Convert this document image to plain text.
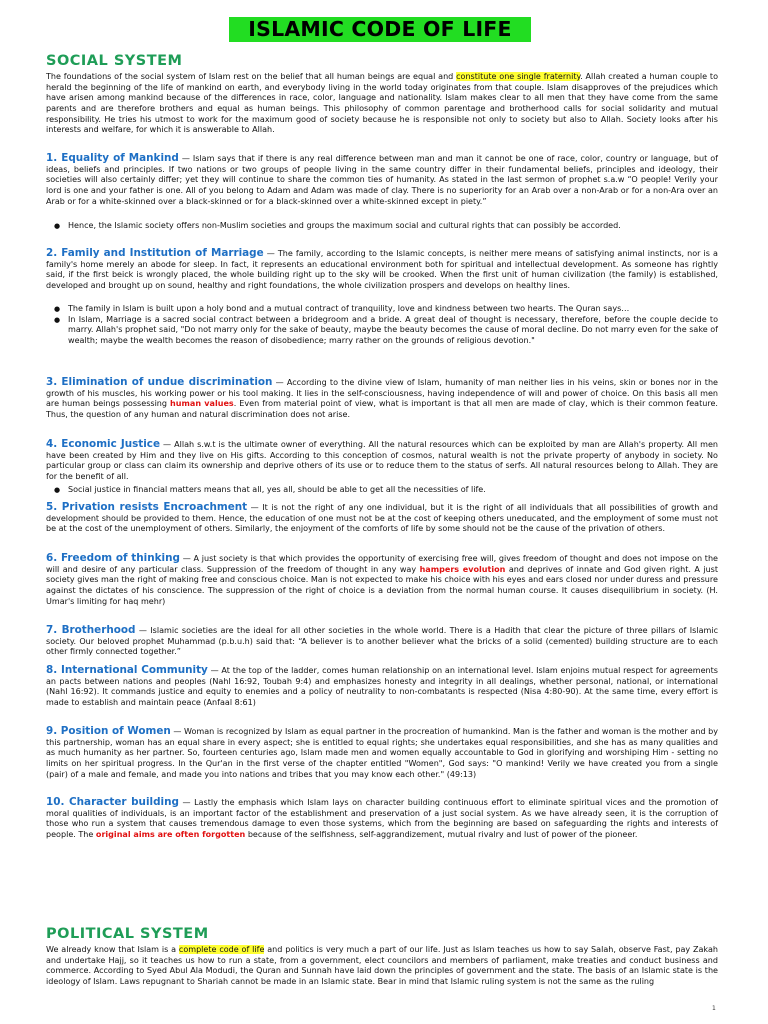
ISLAMIC CODE OF LIFE
SOCIAL SYSTEM

The foundations of the social system of Islam rest on the belief that all human beings are equal and constitute one single fraternity. Allah created a human couple to herald the beginning of the life of mankind on earth, and everybody living in the world today originates from that couple. Islam disapproves of the prejudices which have arisen among mankind because of the differences in race, color, language and nationality. Islam makes clear to all men that they have come from the same parents and are therefore brothers and equal as human beings. This philosophy of common parentage and brotherhood calls for social solidarity and mutual responsibility. He tries his utmost to work for the maximum good of society because he is responsible not only to society but also to Allah. Society looks after his interests and welfare, for which it is answerable to Allah.

1. Equality of Mankind — Islam says that if there is any real difference between man and man it cannot be one of race, color, country or language, but of ideas, beliefs and principles. If two nations or two groups of people living in the same country differ in their fundamental beliefs, principles and ideology, their societies will also certainly differ; yet they will continue to share the common ties of humanity. As stated in the last sermon of prophet s.a.w “O people! Verily your lord is one and your father is one. All of you belong to Adam and Adam was made of clay. There is no superiority for an Arab over a non-Arab or for a non-Ara over an Arab or for a white-skinned over a black-skinned or for a black-skinned over a white-skinned except in piety.”

● Hence, the Islamic society offers non-Muslim societies and groups the maximum social and cultural rights that can possibly be accorded.

2. Family and Institution of Marriage — The family, according to the Islamic concepts, is neither mere means of satisfying animal instincts, nor is a family's home merely an abode for sleep. In fact, it represents an educational environment both for spiritual and intellectual development. As someone has rightly said, if the first beick is wrongly placed, the whole building right up to the sky will be crooked. When the first unit of human civilization (the family) is established, developed and brought up on sound, healthy and right foundations, the whole civilization prospers and develops on healthy lines.

● The family in Islam is built upon a holy bond and a mutual contract of tranquility, love and kindness between two hearts. The Quran says…
● In Islam, Marriage is a sacred social contract between a bridegroom and a bride. A great deal of thought is necessary, therefore, before the couple decide to marry. Allah's prophet said, "Do not marry only for the sake of beauty, maybe the beauty becomes the cause of moral decline. Do not marry even for the sake of wealth; maybe the wealth becomes the reason of disobedience; marry rather on the grounds of religious devotion."

3. Elimination of undue discrimination — According to the divine view of Islam, humanity of man neither lies in his veins, skin or bones nor in the growth of his muscles, his working power or his tool making. It lies in the self-consciousness, having independence of will and power of choice. On this basis all men are human beings possessing human values. Even from material point of view, what is important is that all men are made of clay, which is their common feature. Thus, the question of any human and natural discrimination does not arise.

4. Economic Justice — Allah s.w.t is the ultimate owner of everything. All the natural resources which can be exploited by man are Allah's property. All men have been created by Him and they live on His gifts. According to this conception of cosmos, natural wealth is not the private property of anybody in society. No particular group or class can claim its ownership and deprive others of its use or to reduce them to the status of serfs. All natural resources belong to Allah. They are for the benefit of all.

● Social justice in financial matters means that all, yes all, should be able to get all the necessities of life.

5. Privation resists Encroachment — It is not the right of any one individual, but it is the right of all individuals that all possibilities of growth and development should be provided to them. Hence, the education of one must not be at the cost of keeping others uneducated, and the employment of some must not be at the cost of the unemployment of others. Similarly, the enjoyment of the comforts of life by some should not be the cause of the privation of others.

6. Freedom of thinking — A just society is that which provides the opportunity of exercising free will, gives freedom of thought and does not impose on the will and desire of any particular class. Suppression of the freedom of thought in any way hampers evolution and deprives of innate and God given right. A just society gives man the right of making free and conscious choice. Man is not expected to make his choice with his eyes and ears closed nor under duress and pressure against the dictates of his conscience. The suppression of the right of choice is a deviation from the normal human course. It causes disequilibrium in society. (H. Umar's limiting for haq mehr)

7. Brotherhood — Islamic societies are the ideal for all other societies in the whole world. There is a Hadith that clear the picture of three pillars of Islamic society. Our beloved prophet Muhammad (p.b.u.h) said that: “A believer is to another believer what the bricks of a solid (cemented) building structure are to each other firmly connected together.”

8. International Community — At the top of the ladder, comes human relationship on an international level. Islam enjoins mutual respect for agreements an pacts between nations and peoples (Nahl 16:92, Toubah 9:4) and emphasizes honesty and integrity in all dealings, whether personal, national, or international (Nahl 16:92). It commands justice and equity to enemies and a policy of neutrality to non-combatants is respected (Nisa 4:80-90). At the same time, every effort is made to establish and maintain peace (Anfaal 8:61)

9. Position of Women — Woman is recognized by Islam as equal partner in the procreation of humankind. Man is the father and woman is the mother and by this partnership, woman has an equal share in every aspect; she is entitled to equal rights; she undertakes equal responsibilities, and she has as many qualities and as much humanity as her partner. So, fourteen centuries ago, Islam made men and women equally accountable to God in glorifying and worshiping Him - setting no limits on her spiritual progress. In the Qur'an in the first verse of the chapter entitled "Women", God says: "O mankind! Verily we have created you from a single (pair) of a male and female, and made you into nations and tribes that you may know each other." (49:13)

10. Character building — Lastly the emphasis which Islam lays on character building continuous effort to eliminate spiritual vices and the promotion of moral qualities of individuals, is an important factor of the establishment and preservation of a just social system. As we have already seen, it is the corruption of those who run a system that causes tremendous damage to even those systems, which from the beginning are based on safeguarding the rights and interests of people. The original aims are often forgotten because of the selfishness, self-aggrandizement, mutual rivalry and lust of power of the pioneer.

POLITICAL SYSTEM

We already know that Islam is a complete code of life and politics is very much a part of our life. Just as Islam teaches us how to say Salah, observe Fast, pay Zakah and undertake Hajj, so it teaches us how to run a state, from a government, elect councilors and members of parliament, make treaties and conduct business and commerce. According to Syed Abul Ala Modudi, the Quran and Sunnah have laid down the principles of government and the state. The basis of an Islamic state is the ideology of Islam. Laws repugnant to Shariah cannot be made in an Islamic state. Bear in mind that Islamic ruling system is not the same as the ruling

1
